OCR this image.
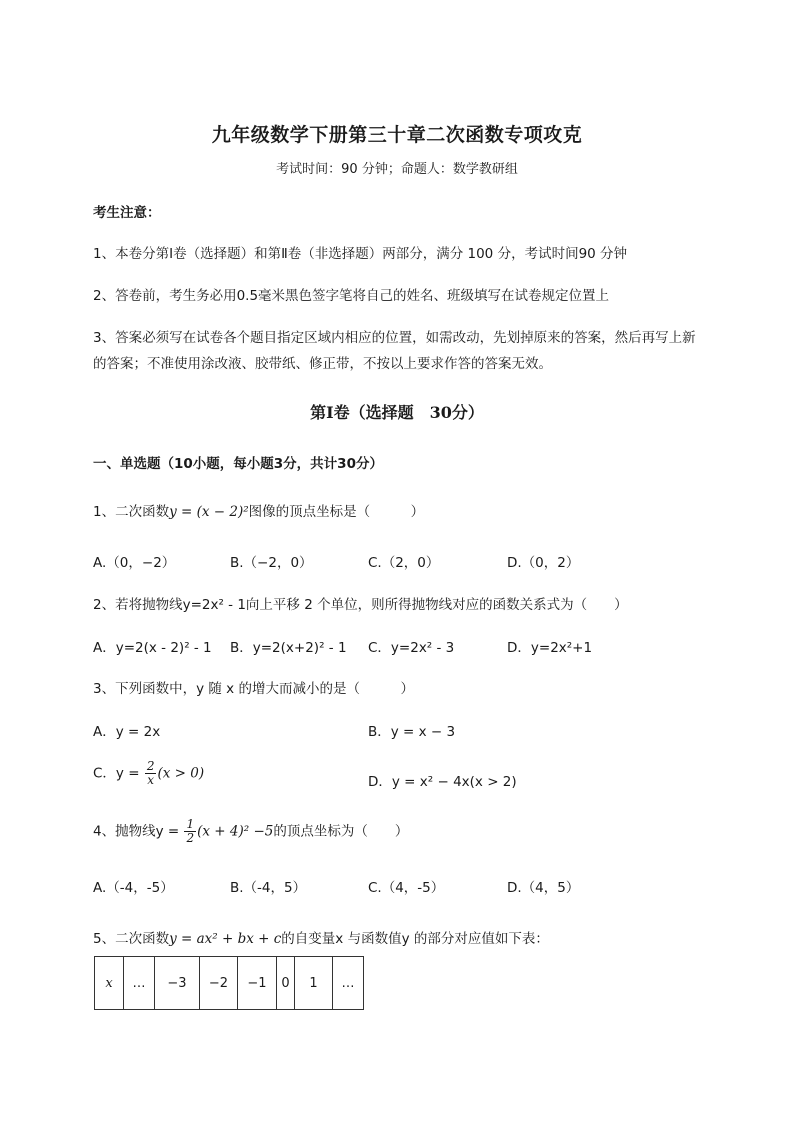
九年级数学下册第三十章二次函数专项攻克
考试时间：90 分钟；命题人：数学教研组
考生注意：
1、本卷分第Ⅰ卷（选择题）和第Ⅱ卷（非选择题）两部分，满分 100 分，考试时间90 分钟
2、答卷前，考生务必用0.5毫米黑色签字笔将自己的姓名、班级填写在试卷规定位置上
3、答案必须写在试卷各个题目指定区域内相应的位置，如需改动，先划掉原来的答案，然后再写上新
的答案；不准使用涂改液、胶带纸、修正带，不按以上要求作答的答案无效。
第Ⅰ卷（选择题　30分）
一、单选题（10小题，每小题3分，共计30分）
1、二次函数y = (x − 2)²图像的顶点坐标是（　　　）
A.（0，−2）	B.（−2，0）	C.（2，0）	D.（0，2）
2、若将抛物线y=2x² - 1向上平移 2 个单位，则所得抛物线对应的函数关系式为（　　）
A．y=2(x - 2)² - 1 B．y=2(x+2)² - 1 C．y=2x² - 3	D．y=2x²+1
3、下列函数中，y 随 x 的增大而减小的是（　　　）
A．y = 2x	B．y = x − 3
C．$y = \frac{2}{x} (x > 0)$
D．y = x² − 4x(x > 2)
4、抛物线$y = \frac{1}{2} (x + 4)^2 -5$的顶点坐标为（　　）
A.（-4，-5）	B.（-4，5）	C.（4，-5）	D.（4，5）
5、二次函数y = ax² + bx + c的自变量x 与函数值y 的部分对应值如下表：
x	…	−3	−2	−1	0	1	…
